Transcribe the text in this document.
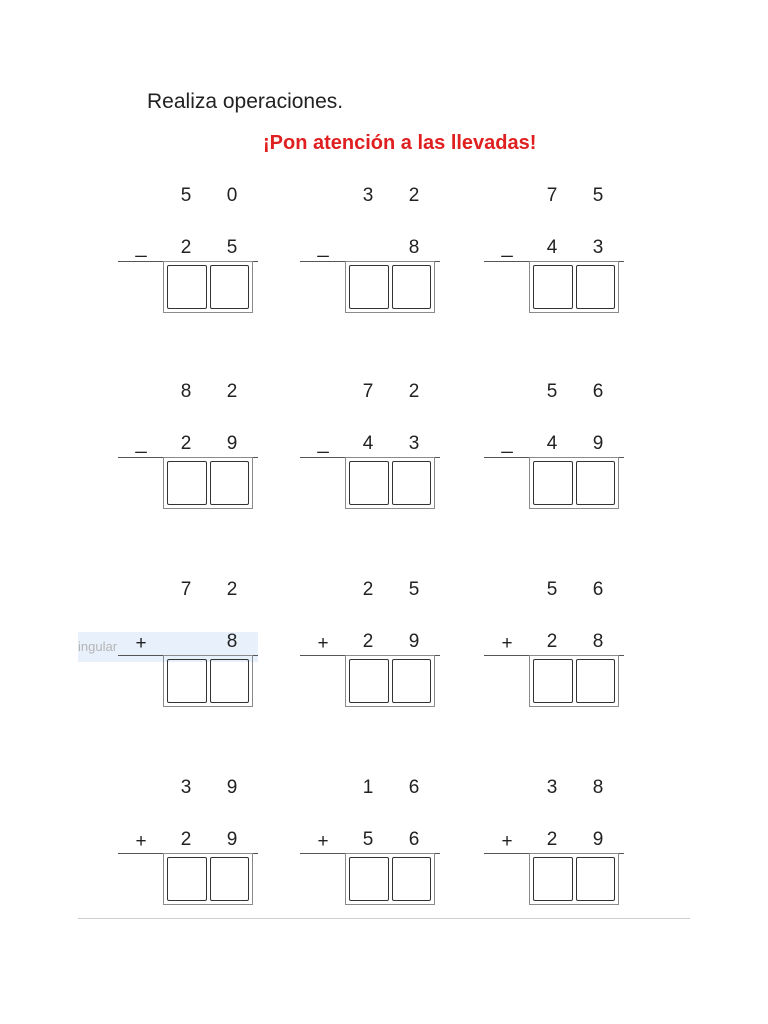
Realiza operaciones.
¡Pon atención a las llevadas!
ingular
5 0
_ 2 5
3 2
_	8
7 5
_ 4 3
8 2
_ 2 9
7 2
_ 4 3
5 6
_ 4 9
7 2
+	8
2 5
+ 2 9
5 6
+ 2 8
3 9
+ 2 9
1 6
+ 5 6
3 8
+ 2 9
